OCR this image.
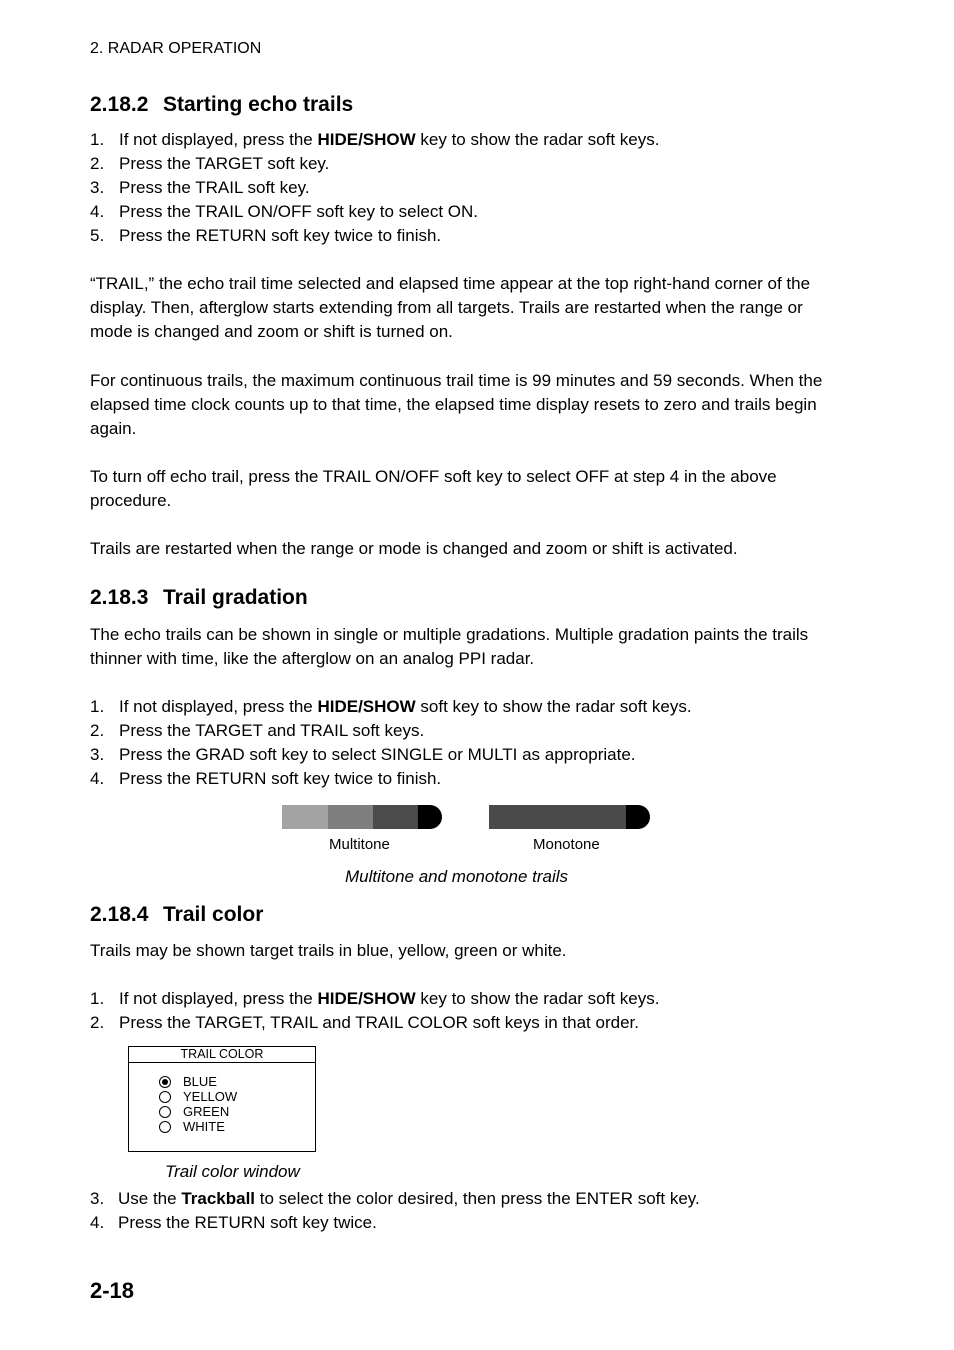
2. RADAR OPERATION
2.18.2 Starting echo trails
1. If not displayed, press the HIDE/SHOW key to show the radar soft keys.
2. Press the TARGET soft key.
3. Press the TRAIL soft key.
4. Press the TRAIL ON/OFF soft key to select ON.
5. Press the RETURN soft key twice to finish.

“TRAIL,” the echo trail time selected and elapsed time appear at the top right-hand corner of the display. Then, afterglow starts extending from all targets. Trails are restarted when the range or mode is changed and zoom or shift is turned on.

For continuous trails, the maximum continuous trail time is 99 minutes and 59 seconds. When the elapsed time clock counts up to that time, the elapsed time display resets to zero and trails begin again.

To turn off echo trail, press the TRAIL ON/OFF soft key to select OFF at step 4 in the above procedure.

Trails are restarted when the range or mode is changed and zoom or shift is activated.

2.18.3 Trail gradation

The echo trails can be shown in single or multiple gradations. Multiple gradation paints the trails thinner with time, like the afterglow on an analog PPI radar.

1. If not displayed, press the HIDE/SHOW soft key to show the radar soft keys.
2. Press the TARGET and TRAIL soft keys.
3. Press the GRAD soft key to select SINGLE or MULTI as appropriate.
4. Press the RETURN soft key twice to finish.
Multitone	Monotone
Multitone and monotone trails
2.18.4 Trail color

Trails may be shown target trails in blue, yellow, green or white.

1. If not displayed, press the HIDE/SHOW key to show the radar soft keys.
2. Press the TARGET, TRAIL and TRAIL COLOR soft keys in that order.
TRAIL COLOR
BLUE
YELLOW
GREEN
WHITE
Trail color window
3. Use the Trackball to select the color desired, then press the ENTER soft key.
4. Press the RETURN soft key twice.
2-18
